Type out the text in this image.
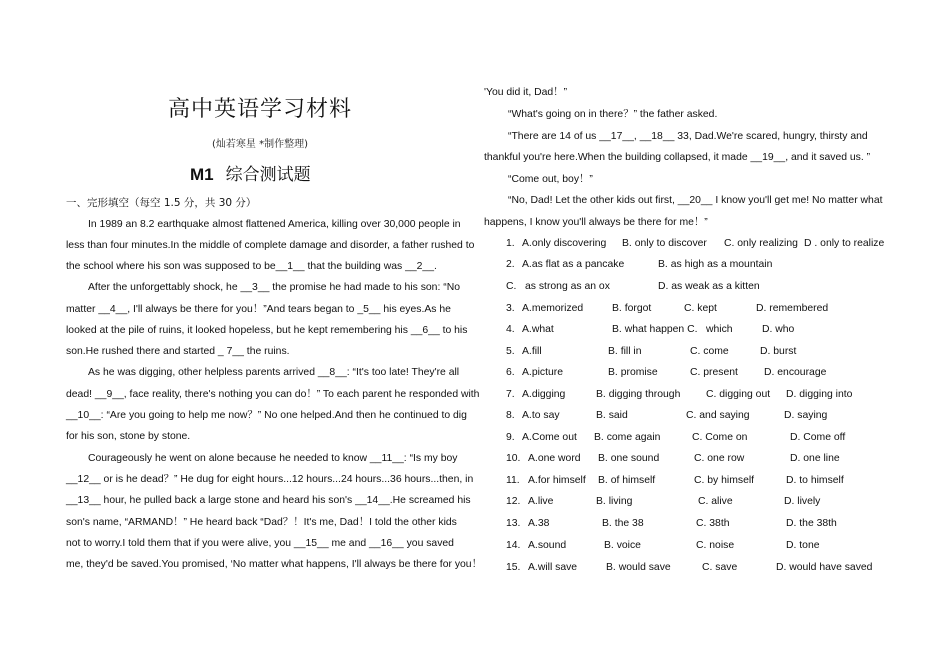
高中英语学习材料
(灿若寒星 *制作整理)
M1 综合测试题
一、完形填空（每空 1.5 分，共 30 分）
In 1989 an 8.2 earthquake almost flattened America, killing over 30,000 people in
less than four minutes.In the middle of complete damage and disorder, a father rushed to
the school where his son was supposed to be__1__ that the building was __2__.
After the unforgettably shock, he __3__ the promise he had made to his son: “No
matter __4__, I'll always be there for you！”And tears began to _5__ his eyes.As he
looked at the pile of ruins, it looked hopeless, but he kept remembering his __6__ to his
son.He rushed there and started _ 7__ the ruins.
As he was digging, other helpless parents arrived __8__: “It's too late! They're all
dead! __9__, face reality, there's nothing you can do！” To each parent he responded with
__10__: “Are you going to help me now？” No one helped.And then he continued to dig
for his son, stone by stone.
Courageously he went on alone because he needed to know __11__: “Is my boy
__12__ or is he dead？” He dug for eight hours...12 hours...24 hours...36 hours...then, in
__13__ hour, he pulled back a large stone and heard his son's __14__.He screamed his
son's name, “ARMAND！” He heard back “Dad？！It's me, Dad！I told the other kids
not to worry.I told them that if you were alive, you __15__ me and __16__ you saved
me, they'd be saved.You promised, ‘No matter what happens, I'll always be there for you！
'You did it, Dad！”
“What's going on in there？” the father asked.
“There are 14 of us __17__, __18__ 33, Dad.We're scared, hungry, thirsty and
thankful you're here.When the building collapsed, it made __19__, and it saved us. ”
“Come out, boy！”
“No, Dad! Let the other kids out first, __20__ I know you'll get me! No matter what
happens, I know you'll always be there for me！”
1. A.only discovering B. only to discover C. only realizing D . only to realize
2. A.as flat as a pancake	B. as high as a mountain
C. as strong as an ox	D. as weak as a kitten
3. A.memorized	B. forgot	C. kept	D. remembered
4. A.what	B. what happen C. which	D. who
5. A.fill	B. fill in	C. come	D. burst
6. A.picture	B. promise	C. present	D. encourage
7. A.digging	B. digging through C. digging out D. digging into
8. A.to say	B. said	C. and saying	D. saying
9. A.Come out B. come again	C. Come on	D. Come off
10. A.one word B. one sound	C. one row	D. one line
11. A.for himself B. of himself	C. by himself	D. to himself
12. A.live	B. living	C. alive	D. lively
13. A.38	B. the 38	C. 38th	D. the 38th
14. A.sound	B. voice	C. noise	D. tone
15. A.will save	B. would save	C. save	D. would have saved
